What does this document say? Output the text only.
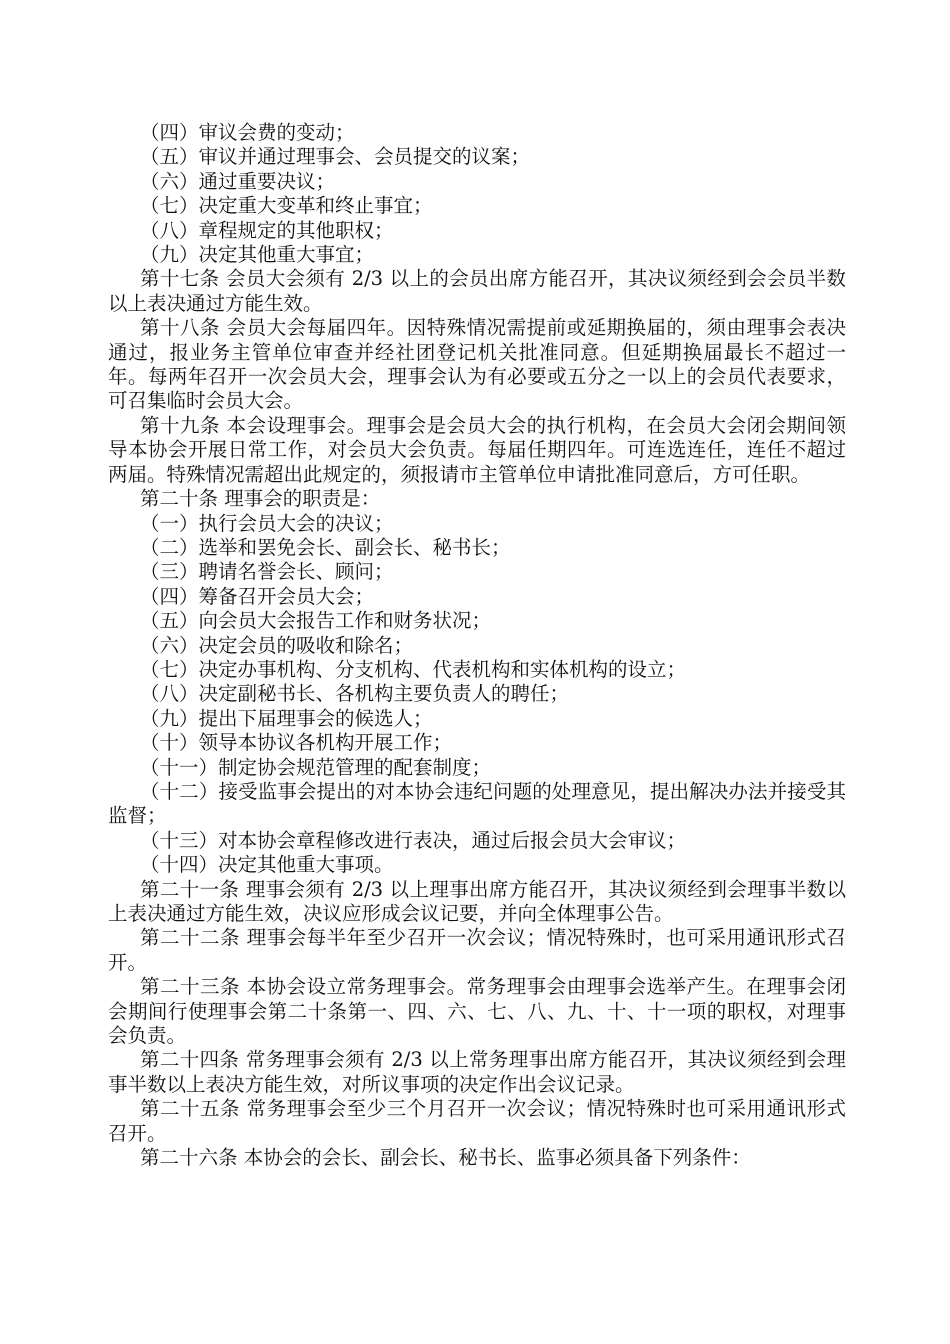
（四）审议会费的变动；

（五）审议并通过理事会、会员提交的议案；

（六）通过重要决议；

（七）决定重大变革和终止事宜；

（八）章程规定的其他职权；

（九）决定其他重大事宜；

第十七条 会员大会须有 2/3 以上的会员出席方能召开，其决议须经到会会员半数以上表决通过方能生效。

第十八条 会员大会每届四年。因特殊情况需提前或延期换届的，须由理事会表决通过，报业务主管单位审查并经社团登记机关批准同意。但延期换届最长不超过一年。每两年召开一次会员大会，理事会认为有必要或五分之一以上的会员代表要求，可召集临时会员大会。

第十九条 本会设理事会。理事会是会员大会的执行机构，在会员大会闭会期间领导本协会开展日常工作，对会员大会负责。每届任期四年。可连选连任，连任不超过两届。特殊情况需超出此规定的，须报请市主管单位申请批准同意后，方可任职。

第二十条 理事会的职责是：

（一）执行会员大会的决议；

（二）选举和罢免会长、副会长、秘书长；

（三）聘请名誉会长、顾问；

（四）筹备召开会员大会；

（五）向会员大会报告工作和财务状况；

（六）决定会员的吸收和除名；

（七）决定办事机构、分支机构、代表机构和实体机构的设立；

（八）决定副秘书长、各机构主要负责人的聘任；

（九）提出下届理事会的候选人；

（十）领导本协议各机构开展工作；

（十一）制定协会规范管理的配套制度；

（十二）接受监事会提出的对本协会违纪问题的处理意见，提出解决办法并接受其监督；

（十三）对本协会章程修改进行表决，通过后报会员大会审议；

（十四）决定其他重大事项。

第二十一条 理事会须有 2/3 以上理事出席方能召开，其决议须经到会理事半数以上表决通过方能生效，决议应形成会议记要，并向全体理事公告。

第二十二条 理事会每半年至少召开一次会议；情况特殊时，也可采用通讯形式召开。

第二十三条 本协会设立常务理事会。常务理事会由理事会选举产生。在理事会闭会期间行使理事会第二十条第一、四、六、七、八、九、十、十一项的职权，对理事会负责。

第二十四条 常务理事会须有 2/3 以上常务理事出席方能召开，其决议须经到会理事半数以上表决方能生效，对所议事项的决定作出会议记录。

第二十五条 常务理事会至少三个月召开一次会议；情况特殊时也可采用通讯形式召开。

第二十六条 本协会的会长、副会长、秘书长、监事必须具备下列条件：
